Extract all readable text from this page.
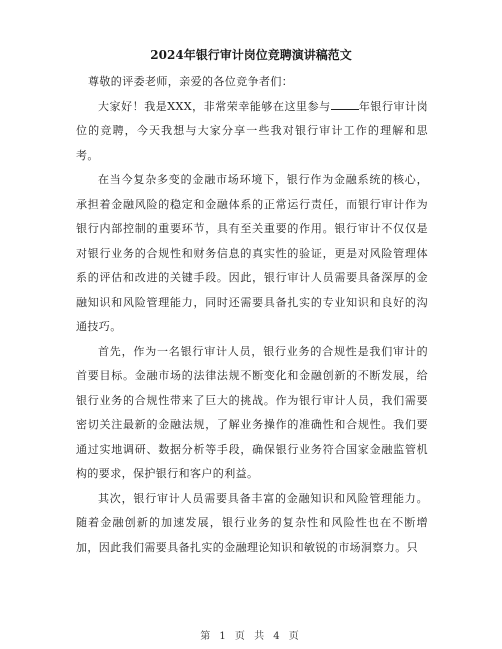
2024年银行审计岗位竞聘演讲稿范文

尊敬的评委老师，亲爱的各位竞争者们：

大家好！我是XXX，非常荣幸能够在这里参与	年银行审计岗位的竞聘，今天我想与大家分享一些我对银行审计工作的理解和思考。

在当今复杂多变的金融市场环境下，银行作为金融系统的核心，承担着金融风险的稳定和金融体系的正常运行责任，而银行审计作为银行内部控制的重要环节，具有至关重要的作用。银行审计不仅仅是对银行业务的合规性和财务信息的真实性的验证，更是对风险管理体系的评估和改进的关键手段。因此，银行审计人员需要具备深厚的金融知识和风险管理能力，同时还需要具备扎实的专业知识和良好的沟通技巧。

首先，作为一名银行审计人员，银行业务的合规性是我们审计的首要目标。金融市场的法律法规不断变化和金融创新的不断发展，给银行业务的合规性带来了巨大的挑战。作为银行审计人员，我们需要密切关注最新的金融法规，了解业务操作的准确性和合规性。我们要通过实地调研、数据分析等手段，确保银行业务符合国家金融监管机构的要求，保护银行和客户的利益。

其次，银行审计人员需要具备丰富的金融知识和风险管理能力。随着金融创新的加速发展，银行业务的复杂性和风险性也在不断增加，因此我们需要具备扎实的金融理论知识和敏锐的市场洞察力。只

第 1 页 共 4 页
